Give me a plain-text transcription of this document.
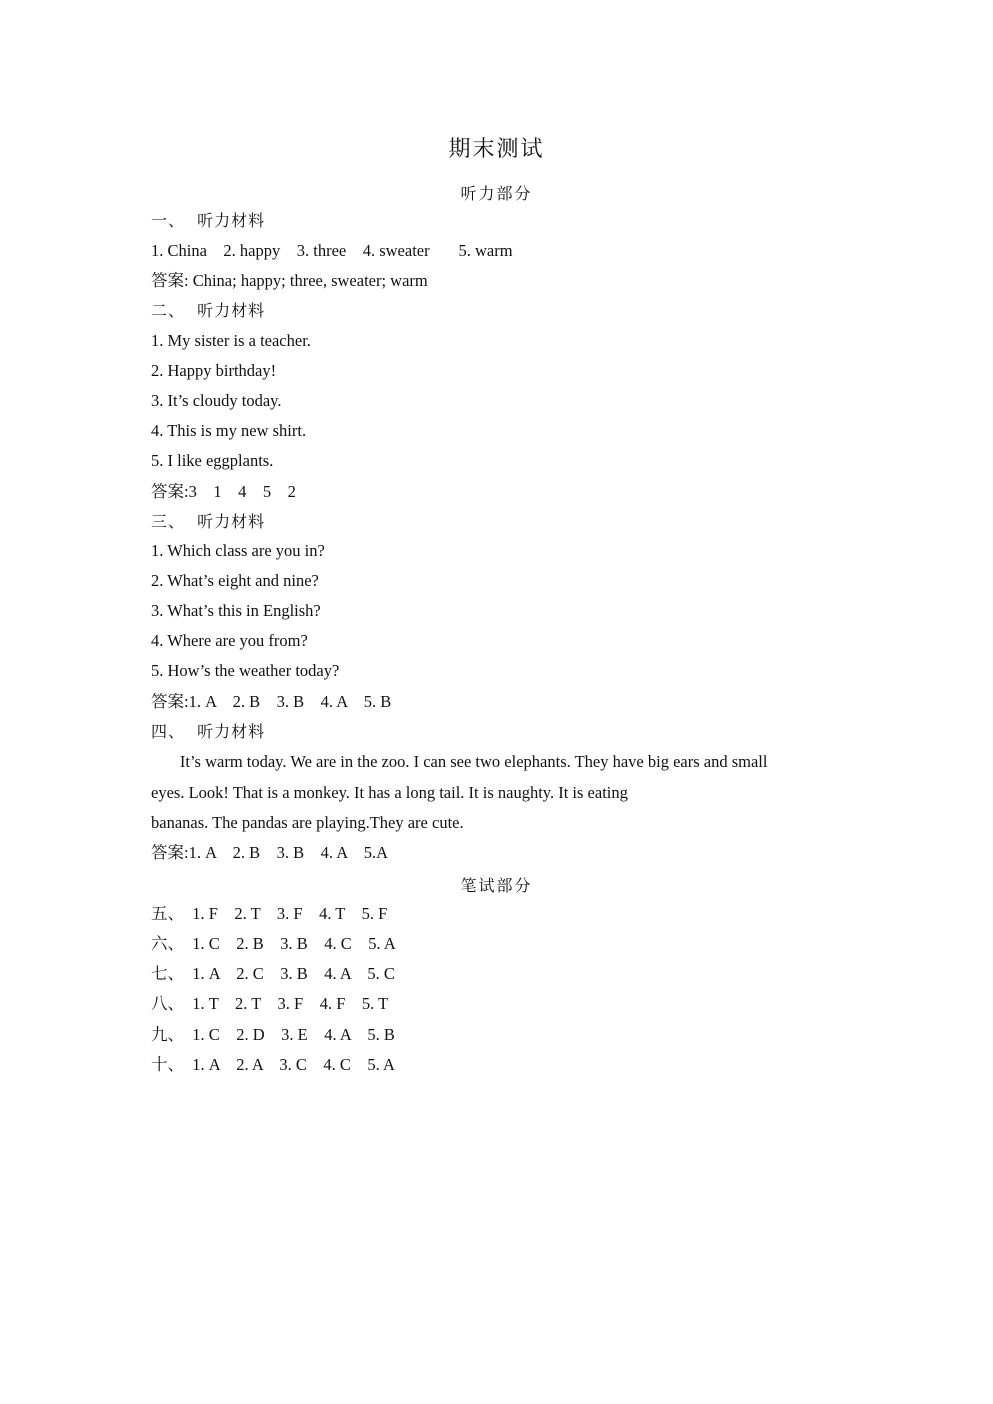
期末测试
听力部分
一、  听力材料
1. China    2. happy    3. three    4. sweater       5. warm
答案: China; happy; three, sweater; warm
二、  听力材料
1. My sister is a teacher.
2. Happy birthday!
3. It’s cloudy today.
4. This is my new shirt.
5. I like eggplants.
答案:3    1    4    5    2
三、  听力材料
1. Which class are you in?
2. What’s eight and nine?
3. What’s this in English?
4. Where are you from?
5. How’s the weather today?
答案:1. A    2. B    3. B    4. A    5. B
四、  听力材料
It’s warm today. We are in the zoo. I can see two elephants. They have big ears and small
eyes. Look! That is a monkey. It has a long tail. It is naughty. It is eating
bananas. The pandas are playing.They are cute.
答案:1. A    2. B    3. B    4. A    5.A
笔试部分
五、  1. F    2. T    3. F    4. T    5. F
六、  1. C    2. B    3. B    4. C    5. A
七、  1. A    2. C    3. B    4. A    5. C
八、  1. T    2. T    3. F    4. F    5. T
九、  1. C    2. D    3. E    4. A    5. B
十、  1. A    2. A    3. C    4. C    5. A
